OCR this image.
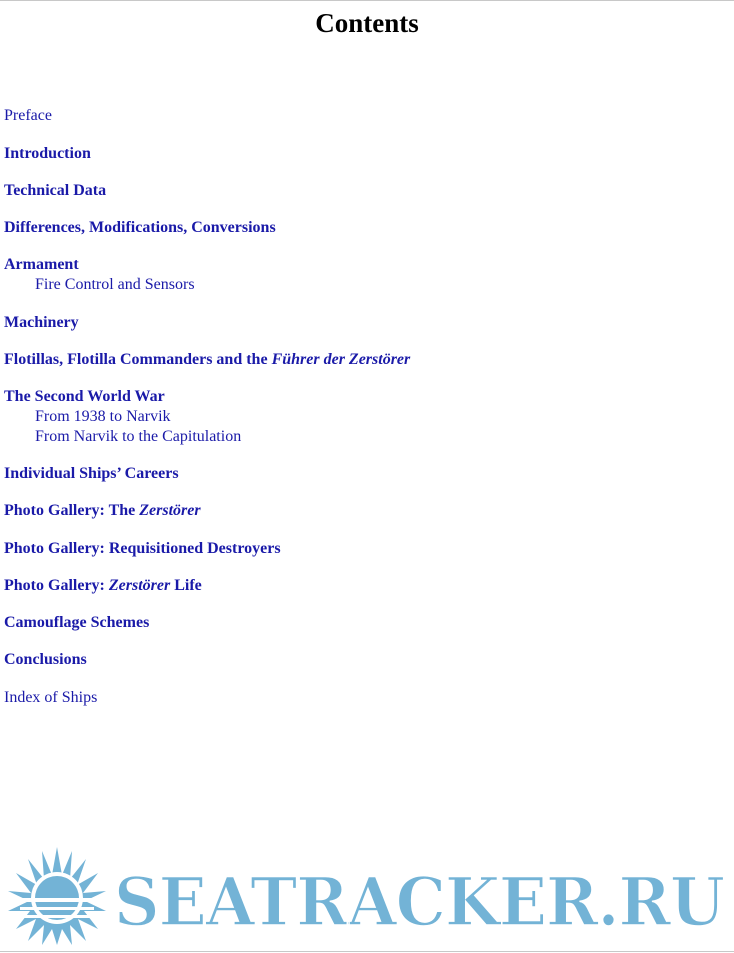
Contents
Preface
Introduction
Technical Data
Differences, Modifications, Conversions
Armament
Fire Control and Sensors
Machinery
Flotillas, Flotilla Commanders and the Führer der Zerstörer
The Second World War
From 1938 to Narvik
From Narvik to the Capitulation
Individual Ships’ Careers
Photo Gallery: The Zerstörer
Photo Gallery: Requisitioned Destroyers
Photo Gallery: Zerstörer Life
Camouflage Schemes
Conclusions
Index of Ships
SEATRACKER.RU
